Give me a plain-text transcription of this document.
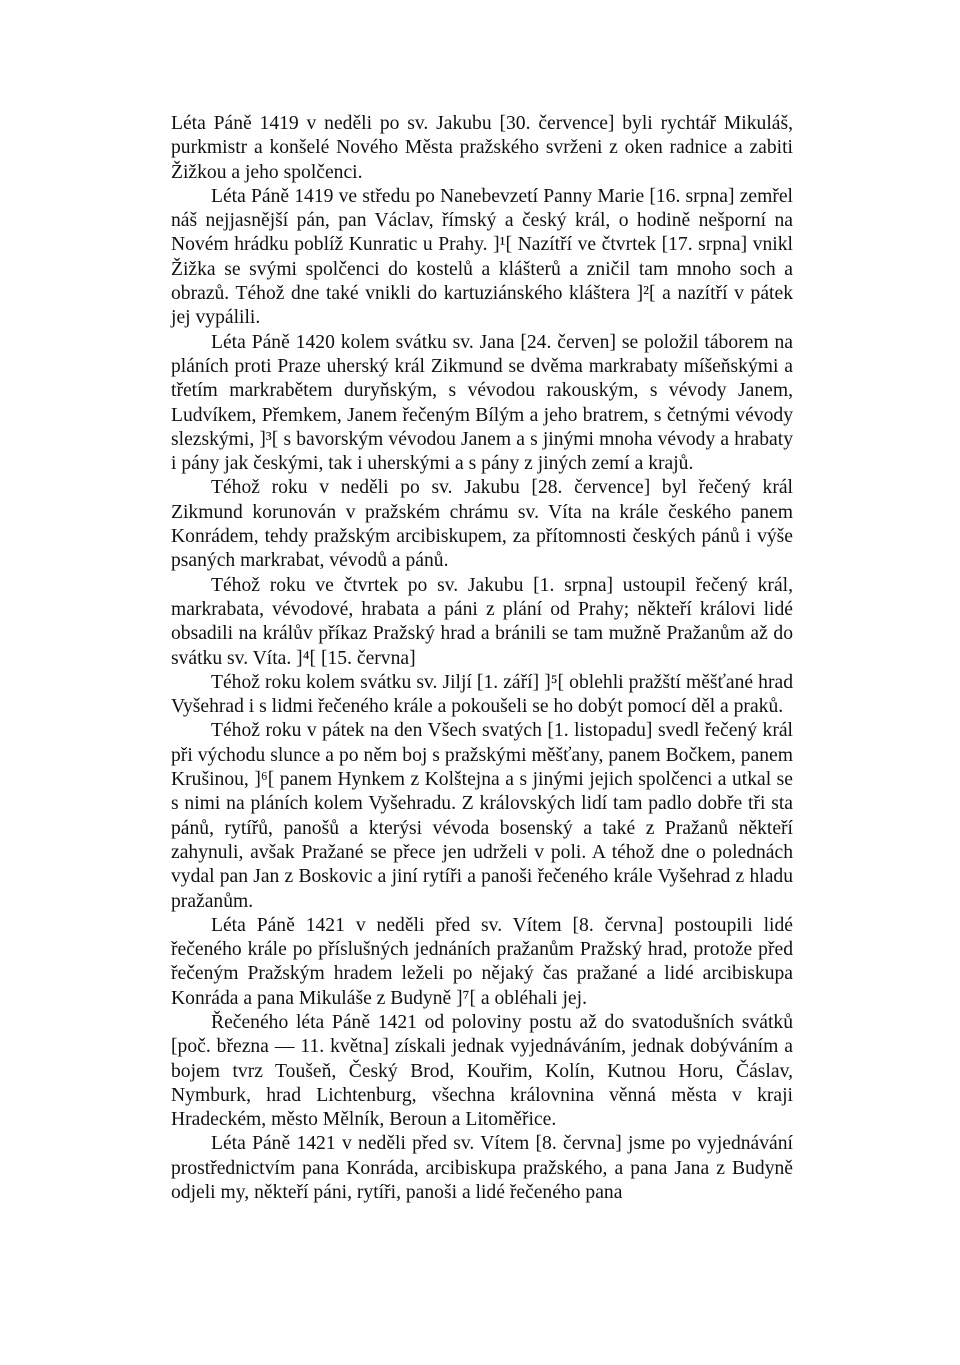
Léta Páně 1419 v neděli po sv. Jakubu [30. července] byli rychtář Mikuláš, purkmistr a konšelé Nového Města pražského svrženi z oken radnice a zabiti Žižkou a jeho spolčenci.

Léta Páně 1419 ve středu po Nanebevzetí Panny Marie [16. srpna] zemřel náš nejjasnější pán, pan Václav, římský a český král, o hodině nešporní na Novém hrádku poblíž Kunratic u Prahy. ]¹[ Nazítří ve čtvrtek [17. srpna] vnikl Žižka se svými spolčenci do kostelů a klášterů a zničil tam mnoho soch a obrazů. Téhož dne také vnikli do kartuziánského kláštera ]²[ a nazítří v pátek jej vypálili.

Léta Páně 1420 kolem svátku sv. Jana [24. červen] se položil táborem na pláních proti Praze uherský král Zikmund se dvěma markrabaty míšeňskými a třetím markrabětem duryňským, s vévodou rakouským, s vévody Janem, Ludvíkem, Přemkem, Janem řečeným Bílým a jeho bratrem, s četnými vévody slezskými, ]³[ s bavorským vévodou Janem a s jinými mnoha vévody a hrabaty i pány jak českými, tak i uherskými a s pány z jiných zemí a krajů.

Téhož roku v neděli po sv. Jakubu [28. července] byl řečený král Zikmund korunován v pražském chrámu sv. Víta na krále českého panem Konrádem, tehdy pražským arcibiskupem, za přítomnosti českých pánů i výše psaných markrabat, vévodů a pánů.

Téhož roku ve čtvrtek po sv. Jakubu [1. srpna] ustoupil řečený král, markrabata, vévodové, hrabata a páni z plání od Prahy; někteří královi lidé obsadili na králův příkaz Pražský hrad a bránili se tam mužně Pražanům až do svátku sv. Víta. ]⁴[ [15. června]

Téhož roku kolem svátku sv. Jiljí [1. září] ]⁵[ oblehli pražští měšťané hrad Vyšehrad i s lidmi řečeného krále a pokoušeli se ho dobýt pomocí děl a praků.

Téhož roku v pátek na den Všech svatých [1. listopadu] svedl řečený král při východu slunce a po něm boj s pražskými měšťany, panem Bočkem, panem Krušinou, ]⁶[ panem Hynkem z Kolštejna a s jinými jejich spolčenci a utkal se s nimi na pláních kolem Vyšehradu. Z královských lidí tam padlo dobře tři sta pánů, rytířů, panošů a kterýsi vévoda bosenský a také z Pražanů někteří zahynuli, avšak Pražané se přece jen udrželi v poli. A téhož dne o polednách vydal pan Jan z Boskovic a jiní rytíři a panoši řečeného krále Vyšehrad z hladu pražanům.

Léta Páně 1421 v neděli před sv. Vítem [8. června] postoupili lidé řečeného krále po příslušných jednáních pražanům Pražský hrad, protože před řečeným Pražským hradem leželi po nějaký čas pražané a lidé arcibiskupa Konráda a pana Mikuláše z Budyně ]⁷[ a obléhali jej.

Řečeného léta Páně 1421 od poloviny postu až do svatodušních svátků [poč. března — 11. května] získali jednak vyjednáváním, jednak dobýváním a bojem tvrz Toušeň, Český Brod, Kouřim, Kolín, Kutnou Horu, Čáslav, Nymburk, hrad Lichtenburg, všechna královnina věnná města v kraji Hradeckém, město Mělník, Beroun a Litoměřice.

Léta Páně 1421 v neděli před sv. Vítem [8. června] jsme po vyjednávání prostřednictvím pana Konráda, arcibiskupa pražského, a pana Jana z Budyně odjeli my, někteří páni, rytíři, panoši a lidé řečeného pana
